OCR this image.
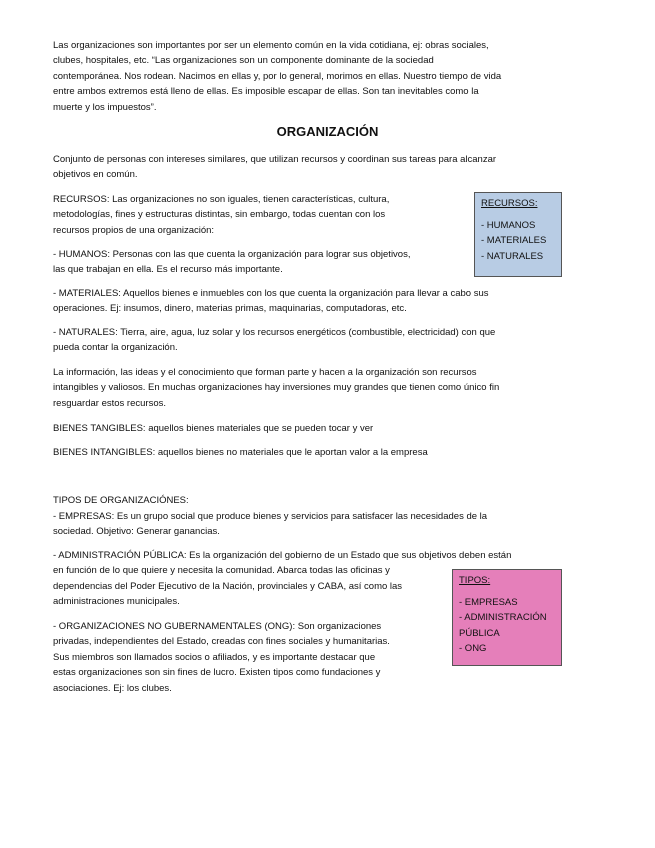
Las organizaciones son importantes por ser un elemento común en la vida cotidiana, ej: obras sociales,
clubes, hospitales, etc. “Las organizaciones son un componente dominante de la sociedad
contemporánea. Nos rodean. Nacimos en ellas y, por lo general, morimos en ellas. Nuestro tiempo de vida
entre ambos extremos está lleno de ellas. Es imposible escapar de ellas. Son tan inevitables como la
muerte y los impuestos”.

ORGANIZACIÓN

Conjunto de personas con intereses similares, que utilizan recursos y coordinan sus tareas para alcanzar
objetivos en común.

RECURSOS: Las organizaciones no son iguales, tienen características, cultura,
metodologías, fines y estructuras distintas, sin embargo, todas cuentan con los
recursos propios de una organización:

- HUMANOS: Personas con las que cuenta la organización para lograr sus objetivos,
las que trabajan en ella. Es el recurso más importante.

- MATERIALES: Aquellos bienes e inmuebles con los que cuenta la organización para llevar a cabo sus
operaciones. Ej: insumos, dinero, materias primas, maquinarias, computadoras, etc.

- NATURALES: Tierra, aire, agua, luz solar y los recursos energéticos (combustible, electricidad) con que
pueda contar la organización.

La información, las ideas y el conocimiento que forman parte y hacen a la organización son recursos
intangibles y valiosos. En muchas organizaciones hay inversiones muy grandes que tienen como único fin
resguardar estos recursos.

BIENES TANGIBLES: aquellos bienes materiales que se pueden tocar y ver

BIENES INTANGIBLES: aquellos bienes no materiales que le aportan valor a la empresa

TIPOS DE ORGANIZACIÓNES:

- EMPRESAS: Es un grupo social que produce bienes y servicios para satisfacer las necesidades de la
sociedad. Objetivo: Generar ganancias.

- ADMINISTRACIÓN PÚBLICA: Es la organización del gobierno de un Estado que sus objetivos deben están
en función de lo que quiere y necesita la comunidad. Abarca todas las oficinas y
dependencias del Poder Ejecutivo de la Nación, provinciales y CABA, así como las
administraciones municipales.

- ORGANIZACIONES NO GUBERNAMENTALES (ONG): Son organizaciones
privadas, independientes del Estado, creadas con fines sociales y humanitarias.
Sus miembros son llamados socios o afiliados, y es importante destacar que
estas organizaciones son sin fines de lucro. Existen tipos como fundaciones y
asociaciones. Ej: los clubes.

RECURSOS:
- HUMANOS
- MATERIALES
- NATURALES
TIPOS:
- EMPRESAS
- ADMINISTRACIÓN
PÚBLICA
- ONG
